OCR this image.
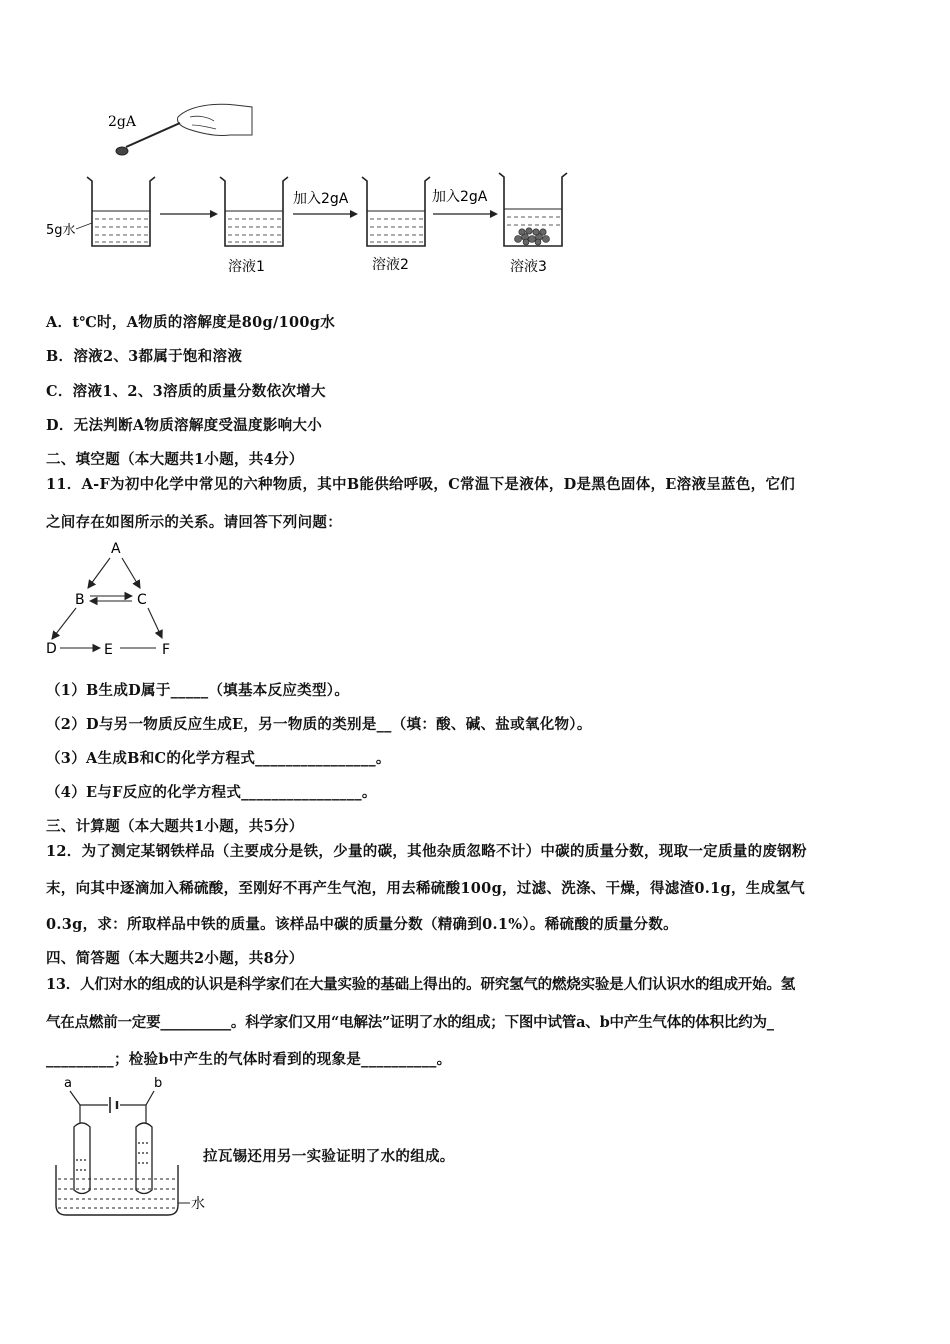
2gA
5g水
溶液1
加入2gA
溶液2
加入2gA
溶液3
A．t℃时，A物质的溶解度是80g/100g水
B．溶液2、3都属于饱和溶液
C．溶液1、2、3溶质的质量分数依次增大
D．无法判断A物质溶解度受温度影响大小
二、填空题（本大题共1小题，共4分）
11．A-F为初中化学中常见的六种物质，其中B能供给呼吸，C常温下是液体，D是黑色固体，E溶液呈蓝色，它们
之间存在如图所示的关系。请回答下列问题：
A
B	C
D	E	F
（1）B生成D属于_____（填基本反应类型）。
（2）D与另一物质反应生成E，另一物质的类别是__（填：酸、碱、盐或氧化物）。
（3）A生成B和C的化学方程式________________。
（4）E与F反应的化学方程式________________。
三、计算题（本大题共1小题，共5分）
12．为了测定某钢铁样品（主要成分是铁，少量的碳，其他杂质忽略不计）中碳的质量分数，现取一定质量的废钢粉
末，向其中逐滴加入稀硫酸，至刚好不再产生气泡，用去稀硫酸100g，过滤、洗涤、干燥，得滤渣0.1g，生成氢气
0.3g，求：所取样品中铁的质量。该样品中碳的质量分数（精确到0.1%）。稀硫酸的质量分数。
四、简答题（本大题共2小题，共8分）
13．人们对水的组成的认识是科学家们在大量实验的基础上得出的。研究氢气的燃烧实验是人们认识水的组成开始。氢
气在点燃前一定要__________。科学家们又用“电解法”证明了水的组成；下图中试管a、b中产生气体的体积比约为_
_________；检验b中产生的气体时看到的现象是__________。
a	b
水
拉瓦锡还用另一实验证明了水的组成。
